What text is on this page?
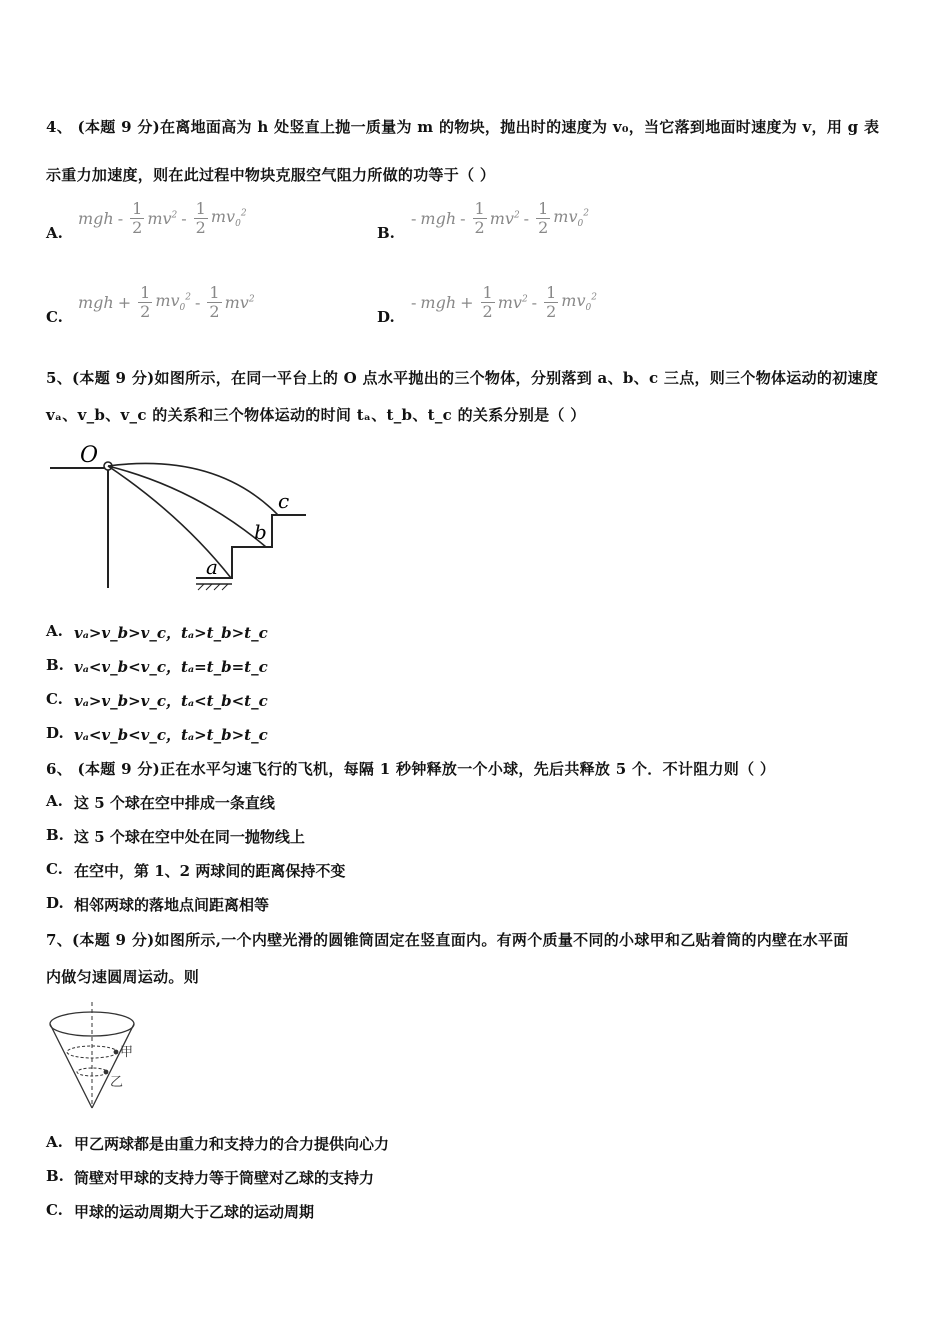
4、 (本题 9 分)在离地面高为 h 处竖直上抛一质量为 m 的物块，抛出时的速度为 v₀，当它落到地面时速度为 v，用 g 表
示重力加速度，则在此过程中物块克服空气阻力所做的功等于（ ）
A.
mgh - $\frac{1}{2} mv^2 - \frac{1}{2} mv_0^2$
B.
- mgh - $\frac{1}{2} mv^2 - \frac{1}{2} mv_0^2$
C.
mgh + $\frac{1}{2} mv_0^2 - \frac{1}{2} mv^2$
D.
- mgh + $\frac{1}{2} mv^2 - \frac{1}{2} mv_0^2$
5、(本题 9 分)如图所示，在同一平台上的 O 点水平抛出的三个物体，分别落到 a、b、c 三点，则三个物体运动的初速度
vₐ、v_b、v_c 的关系和三个物体运动的时间 tₐ、t_b、t_c 的关系分别是（ ）
O
a
b
c
A. vₐ>v_b>v_c，tₐ>t_b>t_c
B. vₐ<v_b<v_c，tₐ=t_b=t_c
C. vₐ>v_b>v_c，tₐ<t_b<t_c
D. vₐ<v_b<v_c，tₐ>t_b>t_c
6、 (本题 9 分)正在水平匀速飞行的飞机，每隔 1 秒钟释放一个小球，先后共释放 5 个．不计阻力则（ ）
A. 这 5 个球在空中排成一条直线
B. 这 5 个球在空中处在同一抛物线上
C. 在空中，第 1、2 两球间的距离保持不变
D. 相邻两球的落地点间距离相等
7、(本题 9 分)如图所示,一个内壁光滑的圆锥筒固定在竖直面内。有两个质量不同的小球甲和乙贴着筒的内壁在水平面
内做匀速圆周运动。则
甲
乙
A. 甲乙两球都是由重力和支持力的合力提供向心力
B. 筒壁对甲球的支持力等于筒壁对乙球的支持力
C. 甲球的运动周期大于乙球的运动周期
